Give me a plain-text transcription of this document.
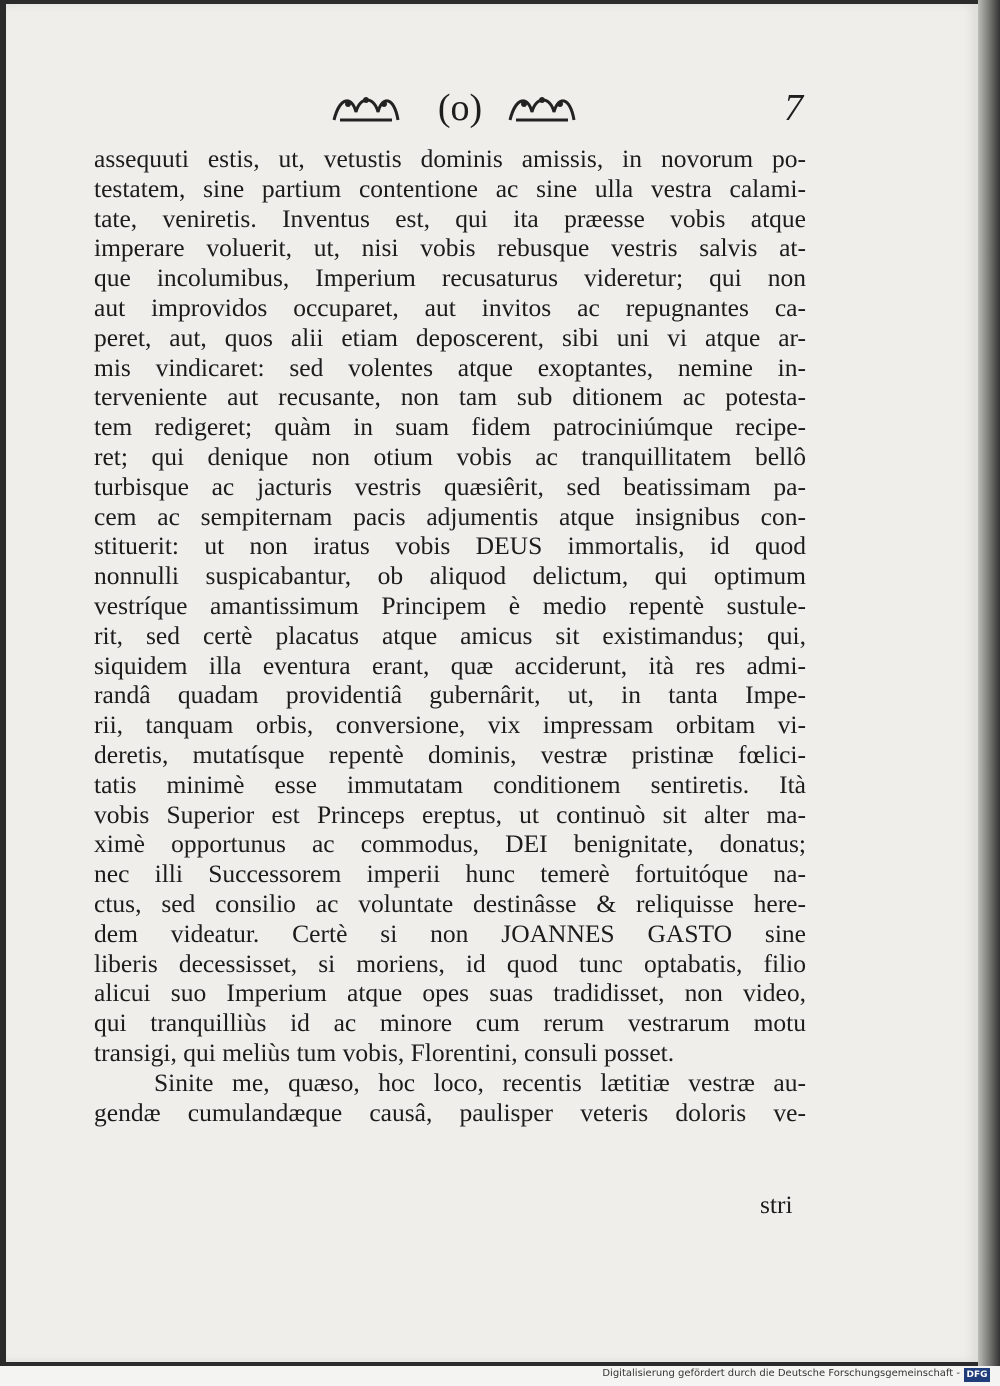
(o)	7
assequuti estis, ut, vetustis dominis amissis, in novorum po-
testatem, sine partium contentione ac sine ulla vestra calami-
tate, veniretis. Inventus est, qui ita præesse vobis atque
imperare voluerit, ut, nisi vobis rebusque vestris salvis at-
que incolumibus, Imperium recusaturus videretur; qui non
aut improvidos occuparet, aut invitos ac repugnantes ca-
peret, aut, quos alii etiam deposcerent, sibi uni vi atque ar-
mis vindicaret: sed volentes atque exoptantes, nemine in-
terveniente aut recusante, non tam sub ditionem ac potesta-
tem redigeret; quàm in suam fidem patrociniúmque recipe-
ret; qui denique non otium vobis ac tranquillitatem bellô
turbisque ac jacturis vestris quæsiêrit, sed beatissimam pa-
cem ac sempiternam pacis adjumentis atque insignibus con-
stituerit: ut non iratus vobis DEUS immortalis, id quod
nonnulli suspicabantur, ob aliquod delictum, qui optimum
vestríque amantissimum Principem è medio repentè sustule-
rit, sed certè placatus atque amicus sit existimandus; qui,
siquidem illa eventura erant, quæ acciderunt, ità res admi-
randâ quadam providentiâ gubernârit, ut, in tanta Impe-
rii, tanquam orbis, conversione, vix impressam orbitam vi-
deretis, mutatísque repentè dominis, vestræ pristinæ fœlici-
tatis minimè esse immutatam conditionem sentiretis. Ità
vobis Superior est Princeps ereptus, ut continuò sit alter ma-
ximè opportunus ac commodus, DEI benignitate, donatus;
nec illi Successorem imperii hunc temerè fortuitóque na-
ctus, sed consilio ac voluntate destinâsse & reliquisse here-
dem videatur. Certè si non JOANNES GASTO sine
liberis decessisset, si moriens, id quod tunc optabatis, filio
alicui suo Imperium atque opes suas tradidisset, non video,
qui tranquilliùs id ac minore cum rerum vestrarum motu
transigi, qui meliùs tum vobis, Florentini, consuli posset.
Sinite me, quæso, hoc loco, recentis lætitiæ vestræ au-
gendæ cumulandæque causâ, paulisper veteris doloris ve-
stri
Digitalisierung gefördert durch die Deutsche Forschungsgemeinschaft - DFG
